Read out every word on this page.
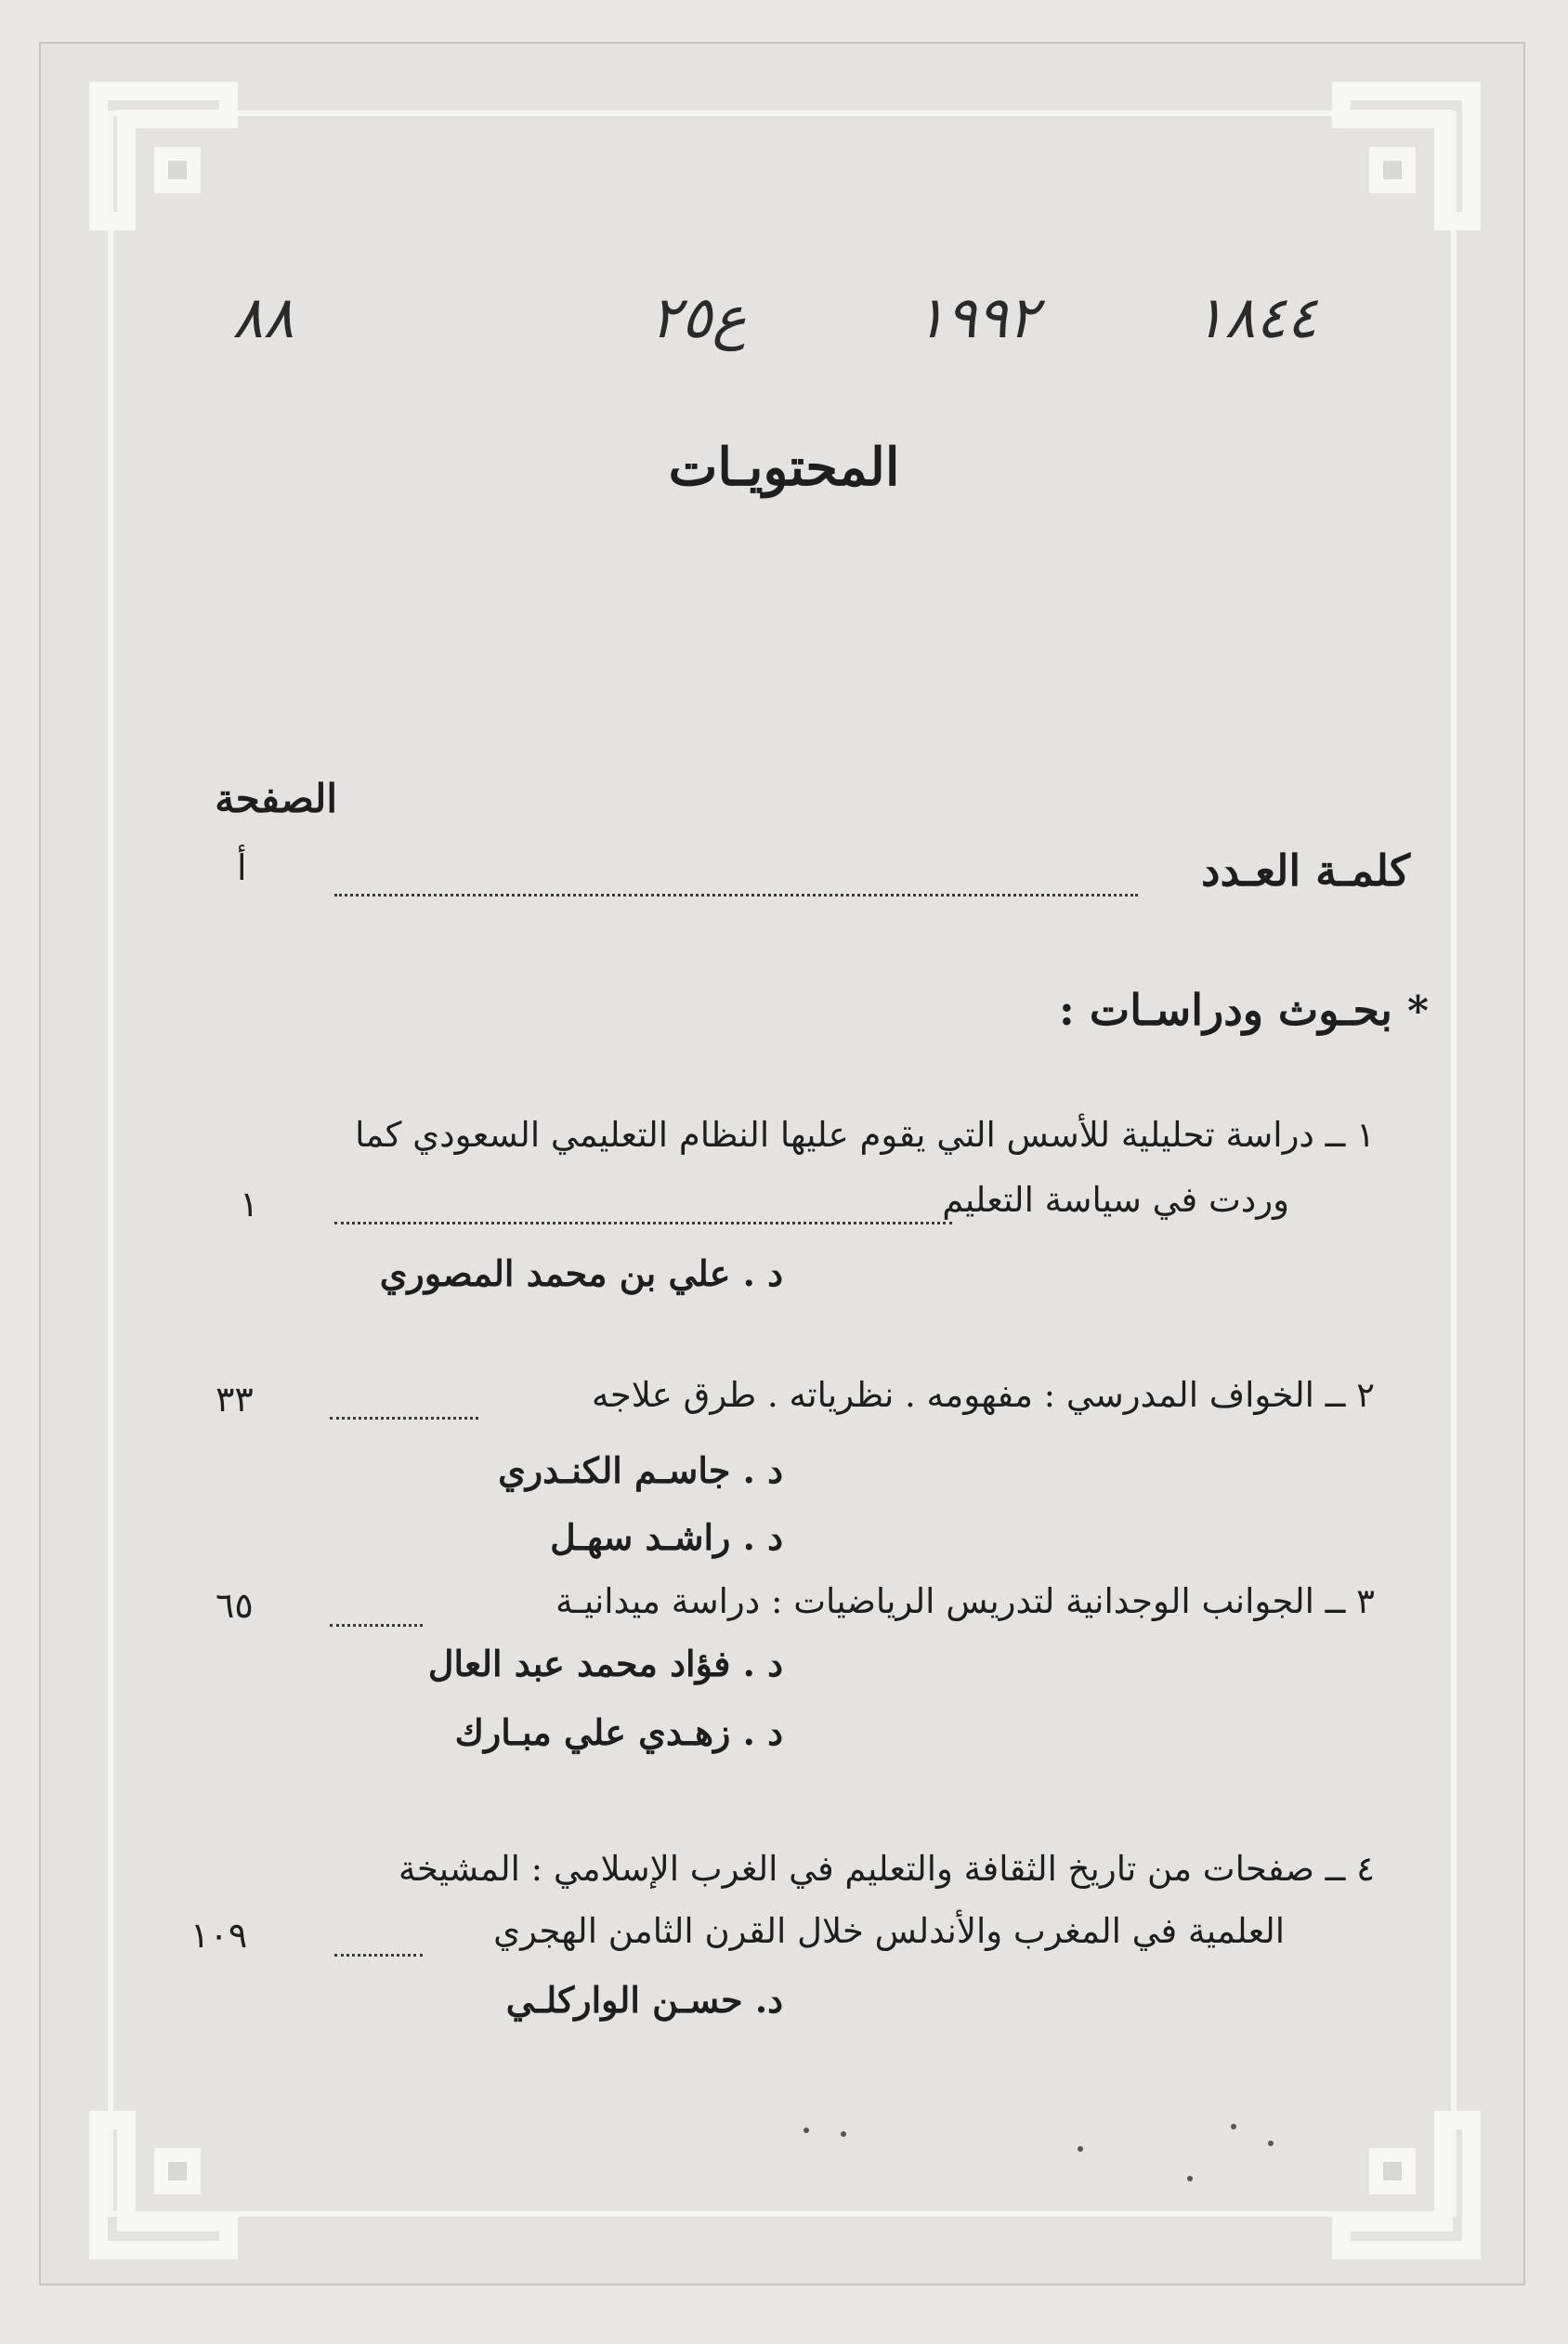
١٨٤٤
١٩٩٢
ع٢٥
٨٨
المحتويـات
الصفحة
كلمـة العـدد
أ
*بحـوث ودراسـات :
١ ــ دراسة تحليلية للأسس التي يقوم عليها النظام التعليمي السعودي كما
وردت في سياسة التعليم
١
د . علي بن محمد المصوري
٢ ــ الخواف المدرسي : مفهومه . نظرياته . طرق علاجه
٣٣
د . جاسـم الكنـدري
د . راشـد سهـل
٣ ــ الجوانب الوجدانية لتدريس الرياضيات : دراسة ميدانيـة
٦٥
د . فؤاد محمد عبد العال
د . زهـدي علي مبـارك
٤ ــ صفحات من تاريخ الثقافة والتعليم في الغرب الإسلامي : المشيخة
العلمية في المغرب والأندلس خلال القرن الثامن الهجري
١٠٩
د. حسـن الواركلـي
